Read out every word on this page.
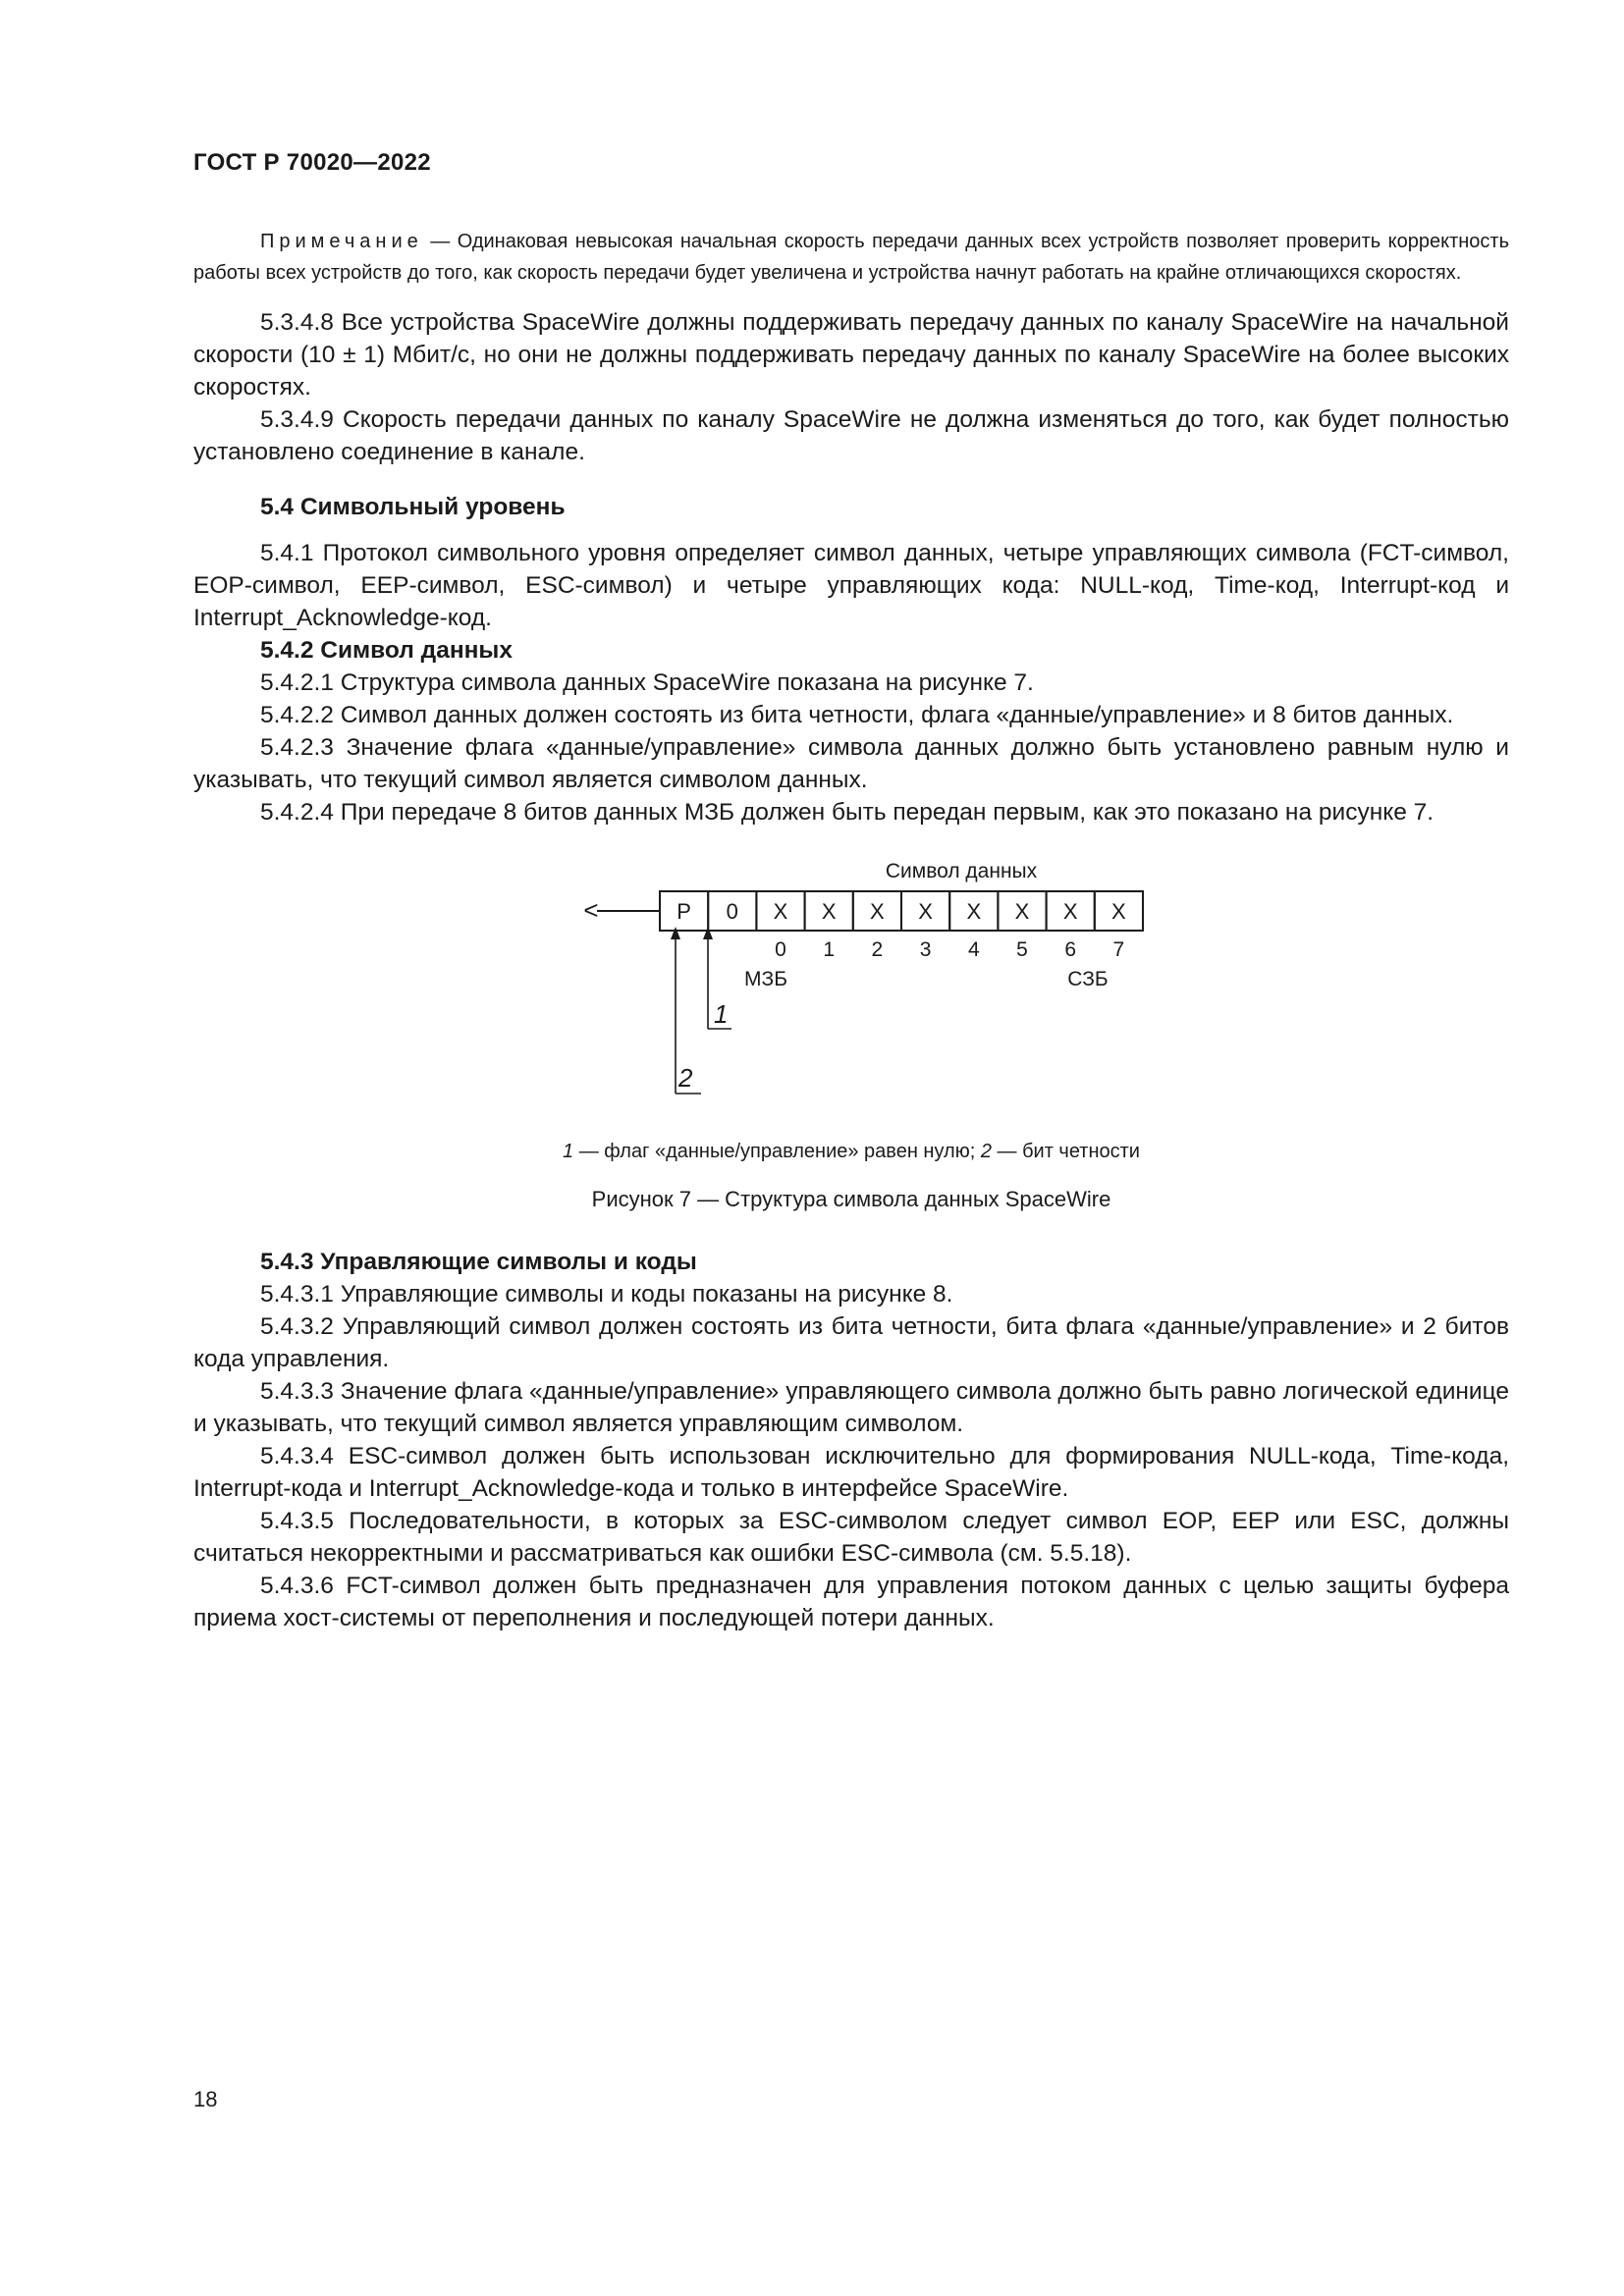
ГОСТ Р 70020—2022

Примечание — Одинаковая невысокая начальная скорость передачи данных всех устройств позволяет проверить корректность работы всех устройств до того, как скорость передачи будет увеличена и устройства начнут работать на крайне отличающихся скоростях.

5.3.4.8 Все устройства SpaceWire должны поддерживать передачу данных по каналу SpaceWire на начальной скорости (10 ± 1) Мбит/с, но они не должны поддерживать передачу данных по каналу SpaceWire на более высоких скоростях.

5.3.4.9 Скорость передачи данных по каналу SpaceWire не должна изменяться до того, как будет полностью установлено соединение в канале.

5.4 Символьный уровень

5.4.1 Протокол символьного уровня определяет символ данных, четыре управляющих символа (FCT-символ, EOP-символ, EEP-символ, ESC-символ) и четыре управляющих кода: NULL-код, Time-код, Interrupt-код и Interrupt_Acknowledge-код.

5.4.2 Символ данных

5.4.2.1 Структура символа данных SpaceWire показана на рисунке 7.

5.4.2.2 Символ данных должен состоять из бита четности, флага «данные/управление» и 8 битов данных.

5.4.2.3 Значение флага «данные/управление» символа данных должно быть установлено равным нулю и указывать, что текущий символ является символом данных.

5.4.2.4 При передаче 8 битов данных МЗБ должен быть передан первым, как это показано на рисунке 7.

Символ данных
<	P 0 X X X X X X X X
0 1 2 3 4 5 6 7
МЗБ	СЗБ
2
1

1 — флаг «данные/управление» равен нулю; 2 — бит четности

Рисунок 7 — Структура символа данных SpaceWire

5.4.3 Управляющие символы и коды

5.4.3.1 Управляющие символы и коды показаны на рисунке 8.

5.4.3.2 Управляющий символ должен состоять из бита четности, бита флага «данные/управление» и 2 битов кода управления.

5.4.3.3 Значение флага «данные/управление» управляющего символа должно быть равно логической единице и указывать, что текущий символ является управляющим символом.

5.4.3.4 ESC-символ должен быть использован исключительно для формирования NULL-кода, Time-кода, Interrupt-кода и Interrupt_Acknowledge-кода и только в интерфейсе SpaceWire.

5.4.3.5 Последовательности, в которых за ESC-символом следует символ EOP, EEP или ESC, должны считаться некорректными и рассматриваться как ошибки ESC-символа (см. 5.5.18).

5.4.3.6 FCT-символ должен быть предназначен для управления потоком данных с целью защиты буфера приема хост-системы от переполнения и последующей потери данных.

18
